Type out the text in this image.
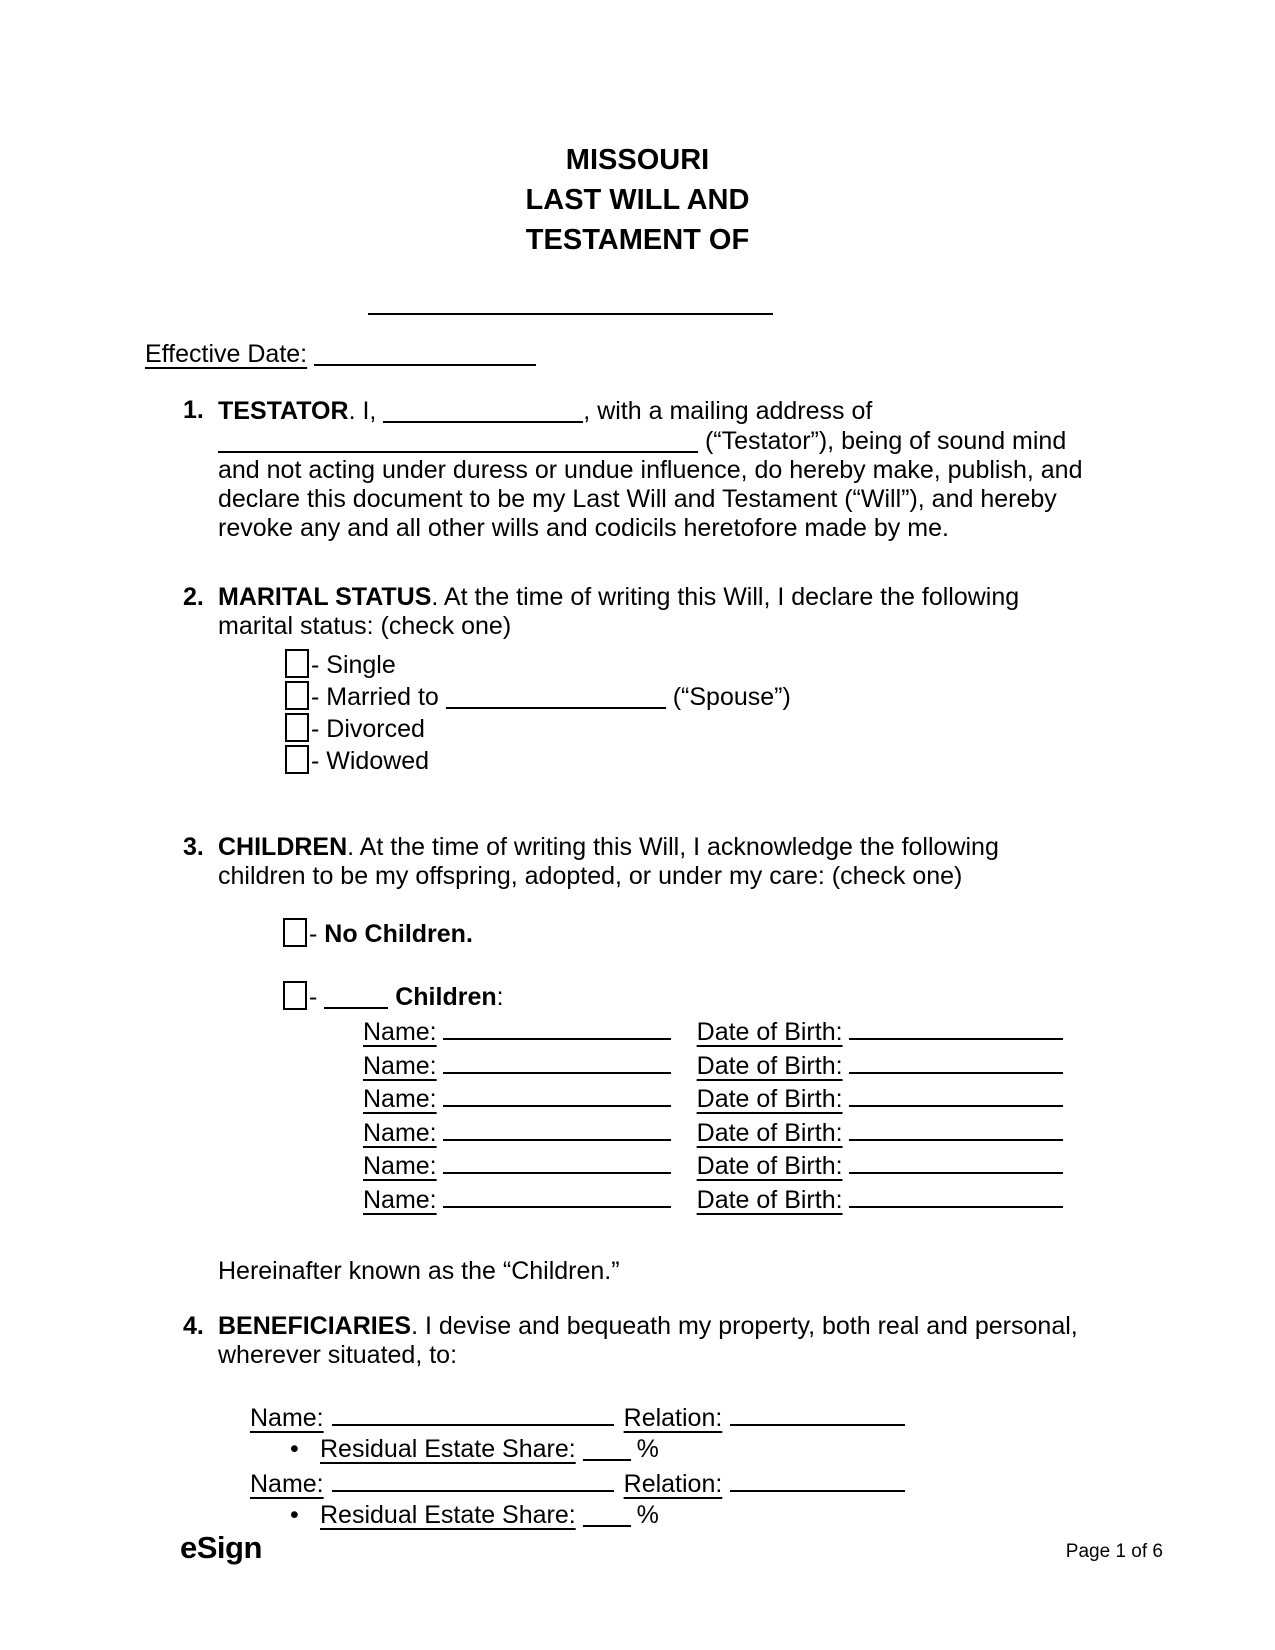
MISSOURI
LAST WILL AND
TESTAMENT OF
Effective Date:
1. TESTATOR. I,	, with a mailing address of  (“Testator”), being of sound mind and not acting under duress or undue influence, do hereby make, publish, and declare this document to be my Last Will and Testament (“Will”), and hereby revoke any and all other wills and codicils heretofore made by me.
2. MARITAL STATUS. At the time of writing this Will, I declare the following marital status: (check one)
- Single
- Married to	(“Spouse”)
- Divorced
- Widowed
3. CHILDREN. At the time of writing this Will, I acknowledge the following children to be my offspring, adopted, or under my care: (check one)
- No Children.
-	Children:
Name:	Date of Birth:
Name:	Date of Birth:
Name:	Date of Birth:
Name:	Date of Birth:
Name:	Date of Birth:
Name:	Date of Birth:
Hereinafter known as the “Children.”
4. BENEFICIARIES. I devise and bequeath my property, both real and personal, wherever situated, to:
Name:	Relation:
• Residual Estate Share: %
Name:	Relation:
• Residual Estate Share: %
eSign	Page 1 of 6
